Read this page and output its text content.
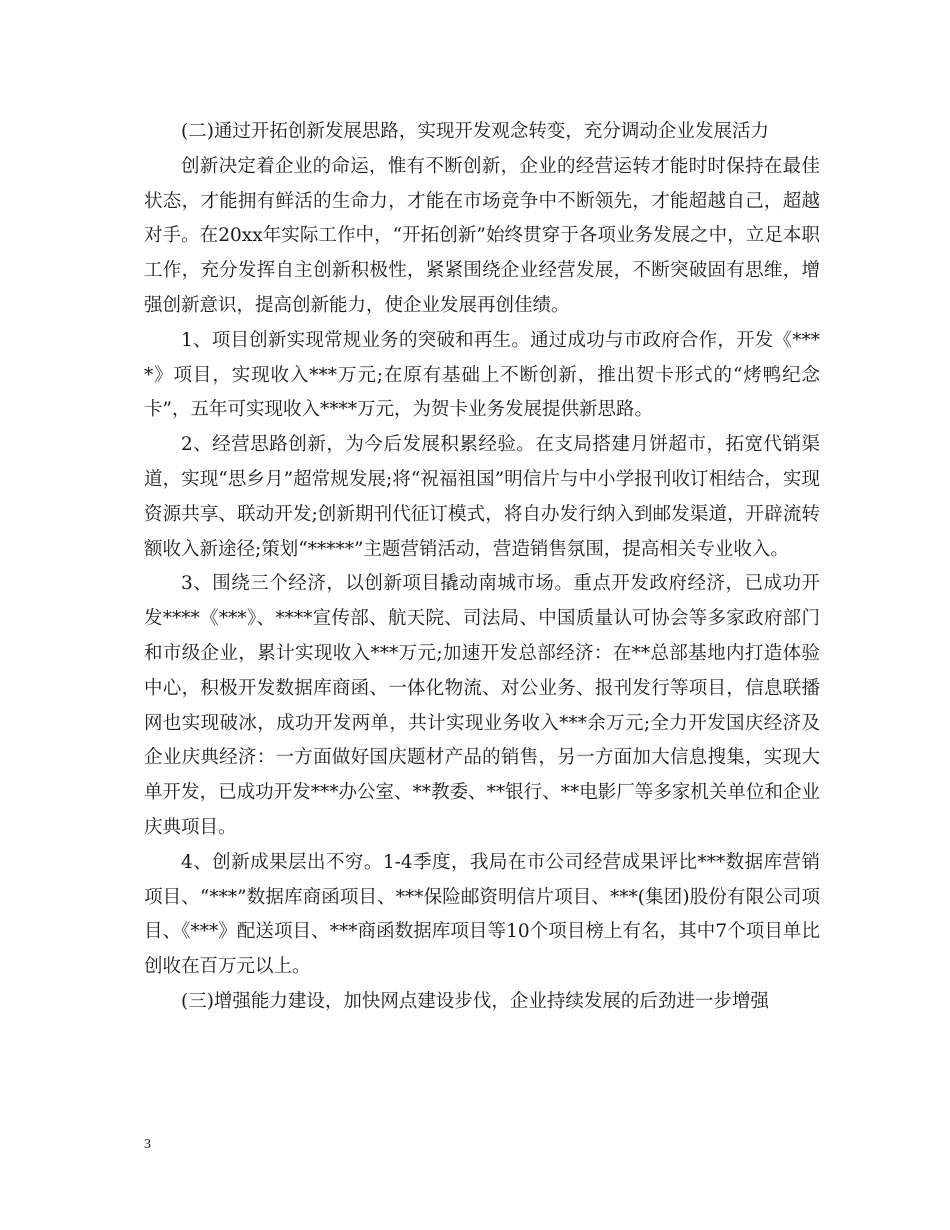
(二)通过开拓创新发展思路，实现开发观念转变，充分调动企业发展活力

创新决定着企业的命运，惟有不断创新，企业的经营运转才能时时保持在最佳状态，才能拥有鲜活的生命力，才能在市场竞争中不断领先，才能超越自己，超越对手。在20xx年实际工作中，“开拓创新”始终贯穿于各项业务发展之中，立足本职工作，充分发挥自主创新积极性，紧紧围绕企业经营发展，不断突破固有思维，增强创新意识，提高创新能力，使企业发展再创佳绩。

1、项目创新实现常规业务的突破和再生。通过成功与市政府合作，开发《****》项目，实现收入***万元;在原有基础上不断创新，推出贺卡形式的“烤鸭纪念卡”，五年可实现收入****万元，为贺卡业务发展提供新思路。

2、经营思路创新，为今后发展积累经验。在支局搭建月饼超市，拓宽代销渠道，实现“思乡月”超常规发展;将“祝福祖国”明信片与中小学报刊收订相结合，实现资源共享、联动开发;创新期刊代征订模式，将自办发行纳入到邮发渠道，开辟流转额收入新途径;策划“*****”主题营销活动，营造销售氛围，提高相关专业收入。

3、围绕三个经济，以创新项目撬动南城市场。重点开发政府经济，已成功开发****《***》、****宣传部、航天院、司法局、中国质量认可协会等多家政府部门和市级企业，累计实现收入***万元;加速开发总部经济：在**总部基地内打造体验中心，积极开发数据库商函、一体化物流、对公业务、报刊发行等项目，信息联播网也实现破冰，成功开发两单，共计实现业务收入***余万元;全力开发国庆经济及企业庆典经济：一方面做好国庆题材产品的销售，另一方面加大信息搜集，实现大单开发，已成功开发***办公室、**教委、**银行、**电影厂等多家机关单位和企业庆典项目。

4、创新成果层出不穷。1-4季度，我局在市公司经营成果评比***数据库营销项目、“***”数据库商函项目、***保险邮资明信片项目、***(集团)股份有限公司项目、《***》配送项目、***商函数据库项目等10个项目榜上有名，其中7个项目单比创收在百万元以上。

(三)增强能力建设，加快网点建设步伐，企业持续发展的后劲进一步增强

3
